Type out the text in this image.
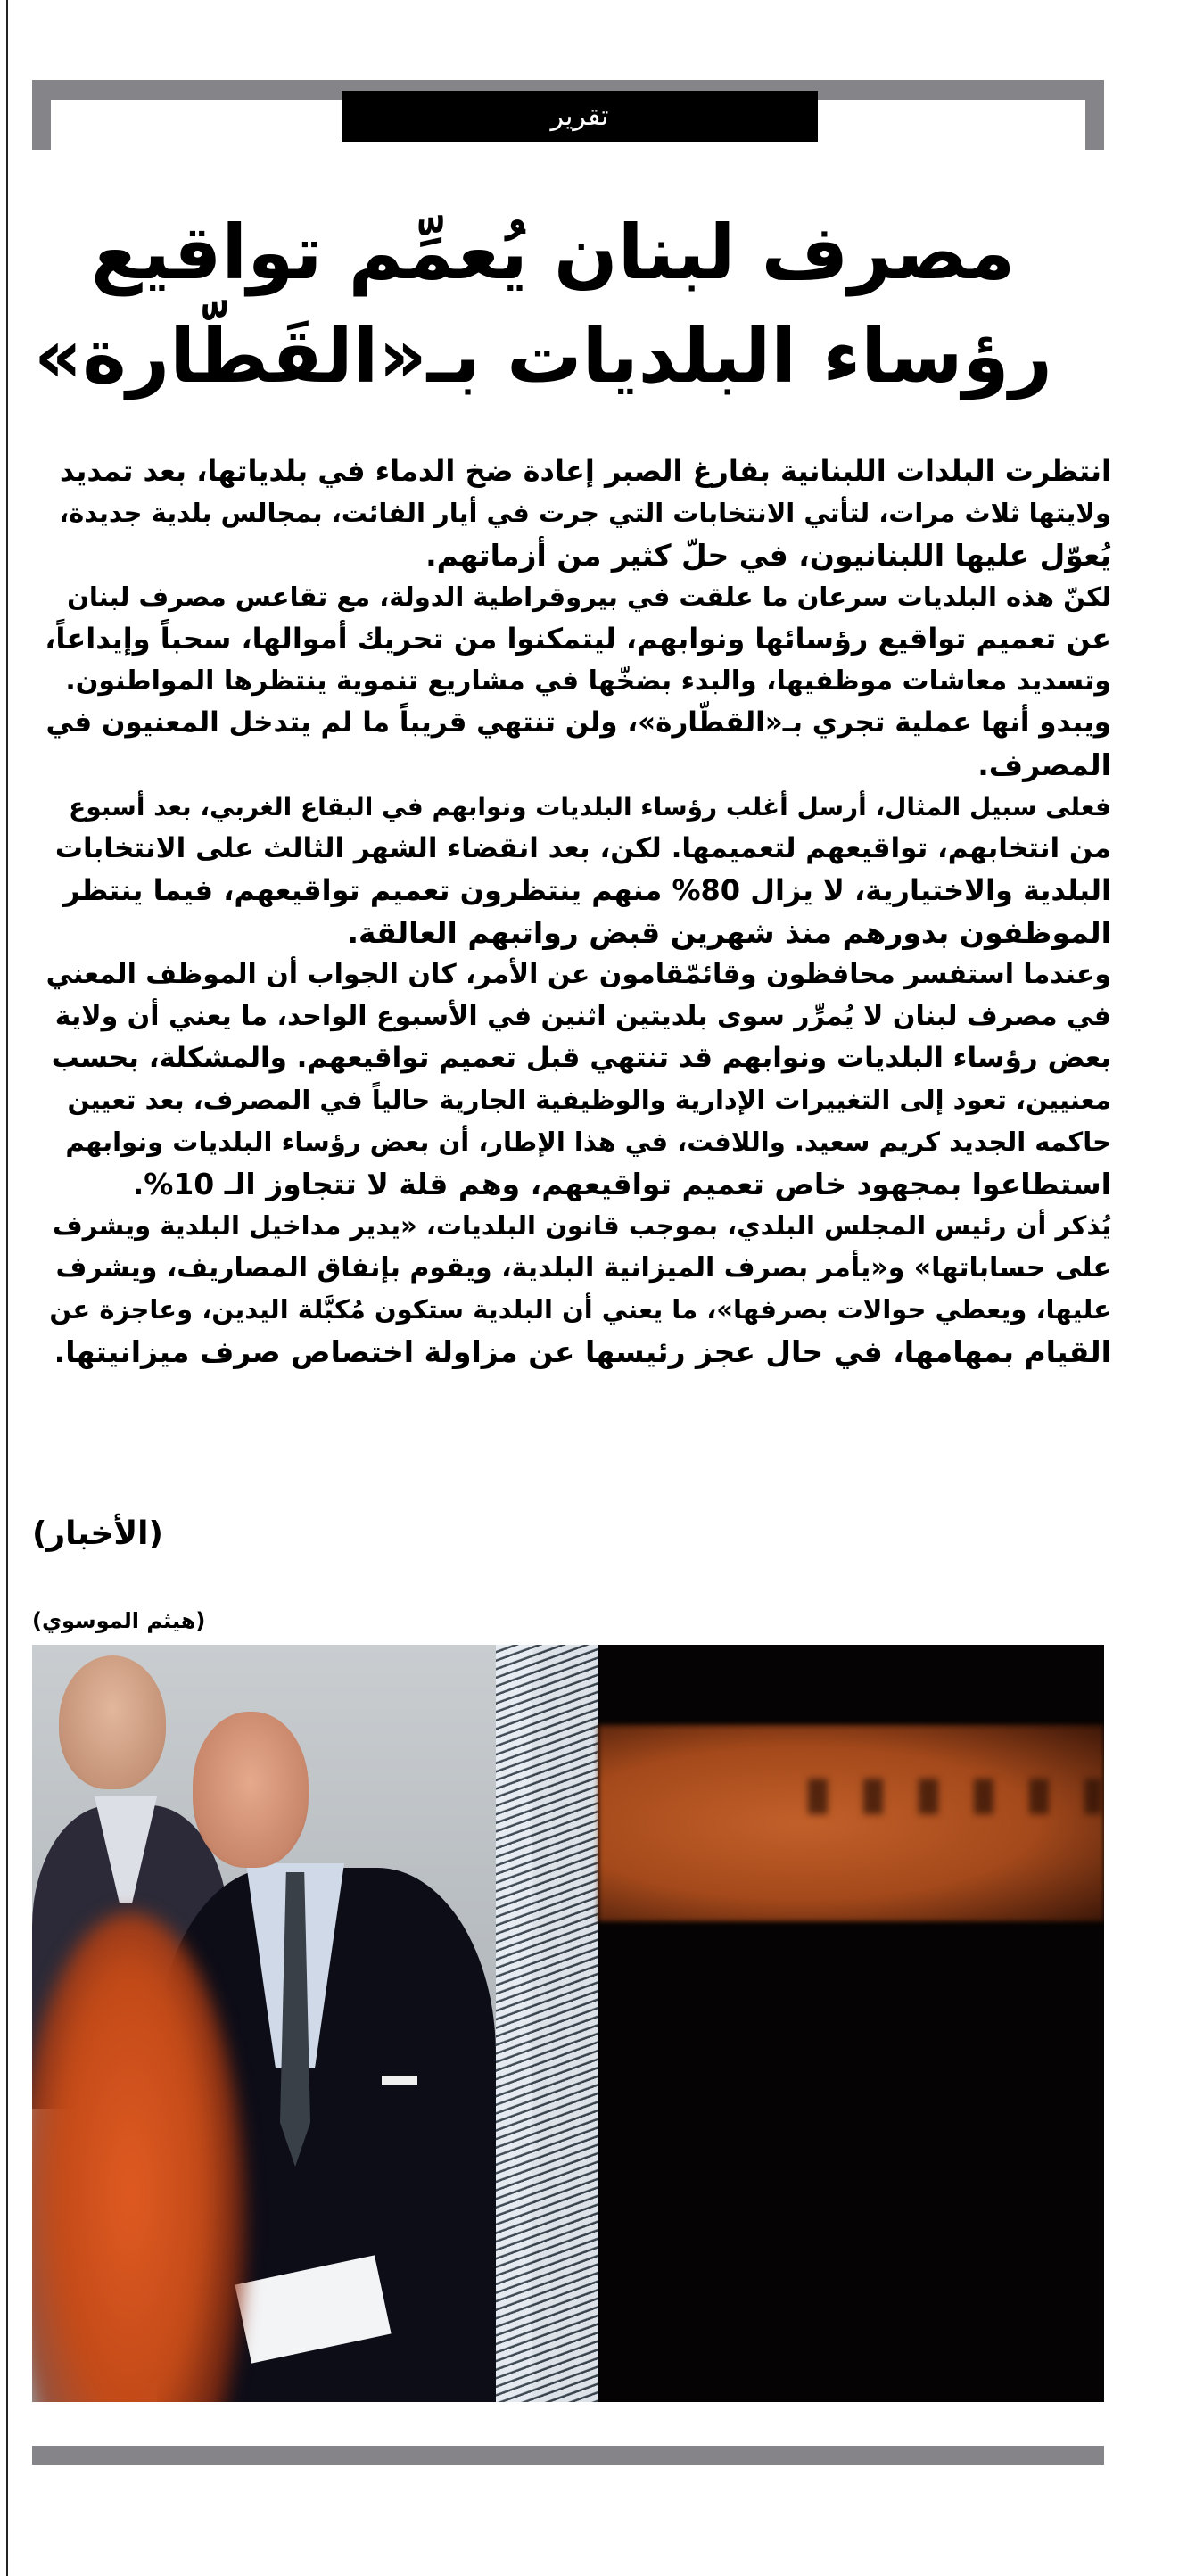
تقرير
مصرف لبنان يُعمِّم تواقيع
رؤساء البلديات بـ«القَطّارة»

انتظرت البلدات اللبنانية بفارغ الصبر إعادة ضخ الدماء في بلدياتها، بعد تمديد

ولايتها ثلاث مرات، لتأتي الانتخابات التي جرت في أيار الفائت، بمجالس بلدية جديدة،

يُعوّل عليها اللبنانيون، في حلّ كثير من أزماتهم.

لكنّ هذه البلديات سرعان ما علقت في بيروقراطية الدولة، مع تقاعس مصرف لبنان

عن تعميم تواقيع رؤسائها ونوابهم، ليتمكنوا من تحريك أموالها، سحباً وإيداعاً،

وتسديد معاشات موظفيها، والبدء بضخّها في مشاريع تنموية ينتظرها المواطنون.

ويبدو أنها عملية تجري بـ«القطّارة»، ولن تنتهي قريباً ما لم يتدخل المعنيون في

المصرف.

فعلى سبيل المثال، أرسل أغلب رؤساء البلديات ونوابهم في البقاع الغربي، بعد أسبوع

من انتخابهم، تواقيعهم لتعميمها. لكن، بعد انقضاء الشهر الثالث على الانتخابات

البلدية والاختيارية، لا يزال 80% منهم ينتظرون تعميم تواقيعهم، فيما ينتظر

الموظفون بدورهم منذ شهرين قبض رواتبهم العالقة.

وعندما استفسر محافظون وقائمّقامون عن الأمر، كان الجواب أن الموظف المعني

في مصرف لبنان لا يُمرِّر سوى بلديتين اثنين في الأسبوع الواحد، ما يعني أن ولاية

بعض رؤساء البلديات ونوابهم قد تنتهي قبل تعميم تواقيعهم. والمشكلة، بحسب

معنيين، تعود إلى التغييرات الإدارية والوظيفية الجارية حالياً في المصرف، بعد تعيين

حاكمه الجديد كريم سعيد. واللافت، في هذا الإطار، أن بعض رؤساء البلديات ونوابهم

استطاعوا بمجهود خاص تعميم تواقيعهم، وهم قلة لا تتجاوز الـ 10%.

يُذكر أن رئيس المجلس البلدي، بموجب قانون البلديات، «يدير مداخيل البلدية ويشرف

على حساباتها» و«يأمر بصرف الميزانية البلدية، ويقوم بإنفاق المصاريف، ويشرف

عليها، ويعطي حوالات بصرفها»، ما يعني أن البلدية ستكون مُكبَّلة اليدين، وعاجزة عن

القيام بمهامها، في حال عجز رئيسها عن مزاولة اختصاص صرف ميزانيتها.

(الأخبار)
(هيثم الموسوي)
